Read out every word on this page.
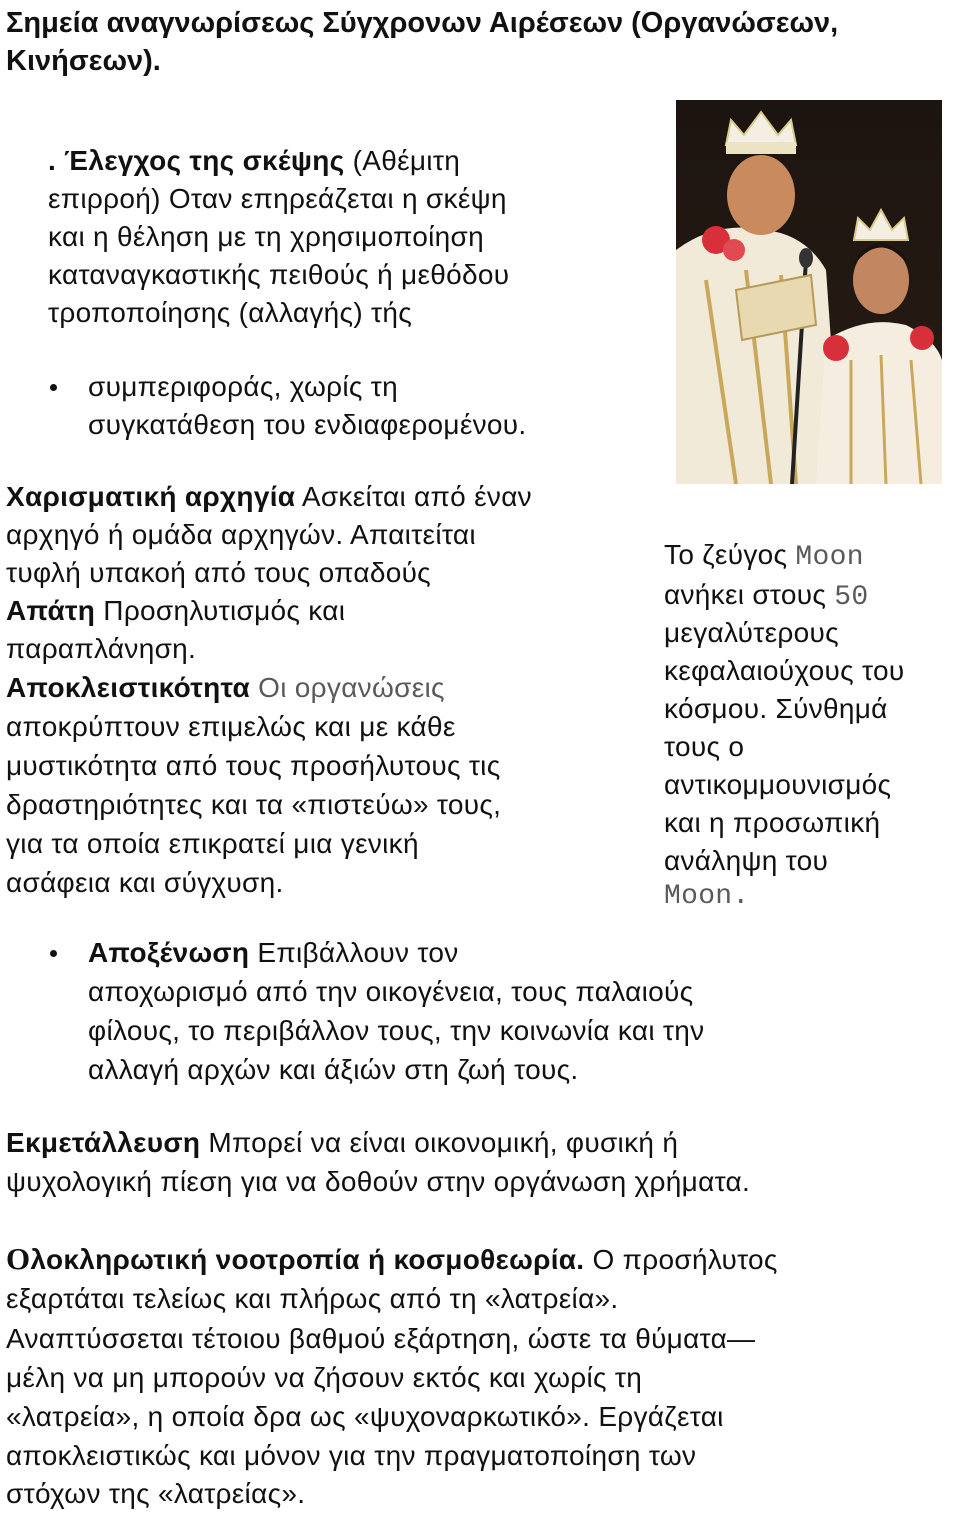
Σημεία αναγνωρίσεως Σύγχρονων Αιρέσεων (Οργανώσεων, Κινήσεων).

. Έλεγχος της σκέψης (Αθέμιτη

επιρροή) Οταν επηρεάζεται η σκέψη

και η θέληση με τη χρησιμοποίηση

καταναγκαστικής πειθούς ή μεθόδου

τροποποίησης (αλλαγής) τής

συμπεριφοράς, χωρίς τη

συγκατάθεση του ενδιαφερομένου.

Χαρισματική αρχηγία Ασκείται από έναν

αρχηγό ή ομάδα αρχηγών. Απαιτείται

τυφλή υπακοή από τους οπαδούς

Απάτη Προσηλυτισμός και

παραπλάνηση.

Αποκλειστικότητα Οι οργανώσεις

αποκρύπτουν επιμελώς και με κάθε

μυστικότητα από τους προσήλυτους τις

δραστηριότητες και τα «πιστεύω» τους,

για τα οποία επικρατεί μια γενική

ασάφεια και σύγχυση.

Το ζεύγος Moon

ανήκει στους 50

μεγαλύτερους

κεφαλαιούχους του

κόσμου. Σύνθημά

τους ο

αντικομμουνισμός

και η προσωπική

ανάληψη του

Moon.

Αποξένωση Επιβάλλουν τον

αποχωρισμό από την οικογένεια, τους παλαιούς

φίλους, το περιβάλλον τους, την κοινωνία και την

αλλαγή αρχών και άξιών στη ζωή τους.

Εκμετάλλευση Μπορεί να είναι οικονομική, φυσική ή

ψυχολογική πίεση για να δοθούν στην οργάνωση χρήματα.

Ολοκληρωτική νοοτροπία ή κοσμοθεωρία. Ο προσήλυτος

εξαρτάται τελείως και πλήρως από τη «λατρεία».

Αναπτύσσεται τέτοιου βαθμού εξάρτηση, ώστε τα θύματα—

μέλη να μη μπορούν να ζήσουν εκτός και χωρίς τη

«λατρεία», η οποία δρα ως «ψυχοναρκωτικό». Εργάζεται

αποκλειστικώς και μόνον για την πραγματοποίηση των

στόχων της «λατρείας».
